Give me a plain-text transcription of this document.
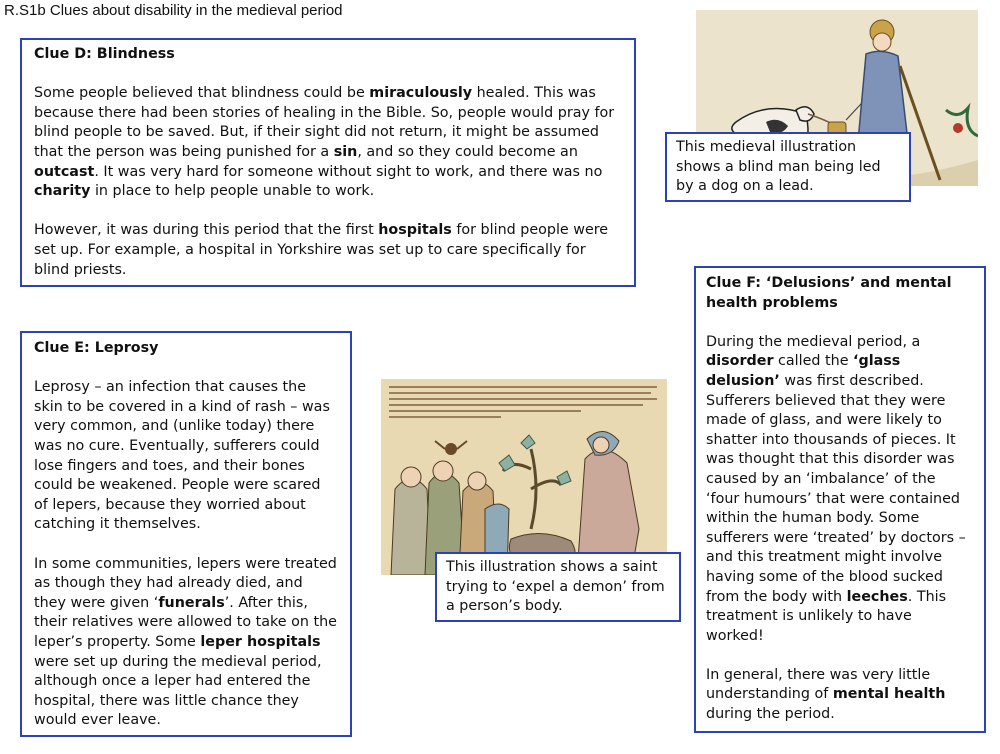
R.S1b Clues about disability in the medieval period
Clue D: Blindness

Some people believed that blindness could be miraculously healed. This was because there had been stories of healing in the Bible. So, people would pray for blind people to be saved. But, if their sight did not return, it might be assumed that the person was being punished for a sin, and so they could become an outcast. It was very hard for someone without sight to work, and there was no charity in place to help people unable to work.

However, it was during this period that the first hospitals for blind people were set up. For example, a hospital in Yorkshire was set up to care specifically for blind priests.

This medieval illustration shows a blind man being led by a dog on a lead.
Clue E: Leprosy

Leprosy – an infection that causes the skin to be covered in a kind of rash – was very common, and (unlike today) there was no cure. Eventually, sufferers could lose fingers and toes, and their bones could be weakened. People were scared of lepers, because they worried about catching it themselves.

In some communities, lepers were treated as though they had already died, and they were given ‘funerals’. After this, their relatives were allowed to take on the leper’s property. Some leper hospitals were set up during the medieval period, although once a leper had entered the hospital, there was little chance they would ever leave.

This illustration shows a saint trying to ‘expel a demon’ from a person’s body.
Clue F: ‘Delusions’ and mental health problems

During the medieval period, a disorder called the ‘glass delusion’ was first described. Sufferers believed that they were made of glass, and were likely to shatter into thousands of pieces. It was thought that this disorder was caused by an ‘imbalance’ of the ‘four humours’ that were contained within the human body. Some sufferers were ‘treated’ by doctors – and this treatment might involve having some of the blood sucked from the body with leeches. This treatment is unlikely to have worked!

In general, there was very little understanding of mental health during the period.
